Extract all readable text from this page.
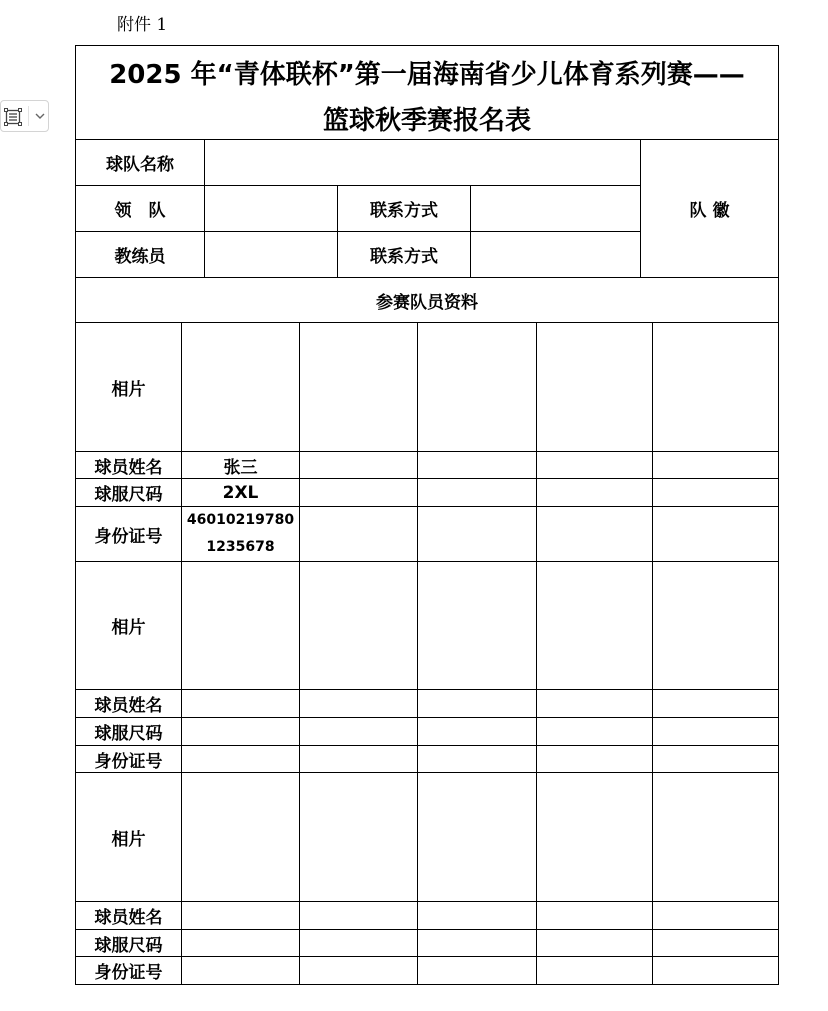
附件 1
2025 年“青体联杯”第一届海南省少儿体育系列赛——
篮球秋季赛报名表
球队名称
领　队	联系方式
教练员	联系方式
队 徽
参赛队员资料
相片
球员姓名
球服尺码
身份证号
张三
2XL
46010219780
1235678
相片
球员姓名
球服尺码
身份证号
相片
球员姓名
球服尺码
身份证号
